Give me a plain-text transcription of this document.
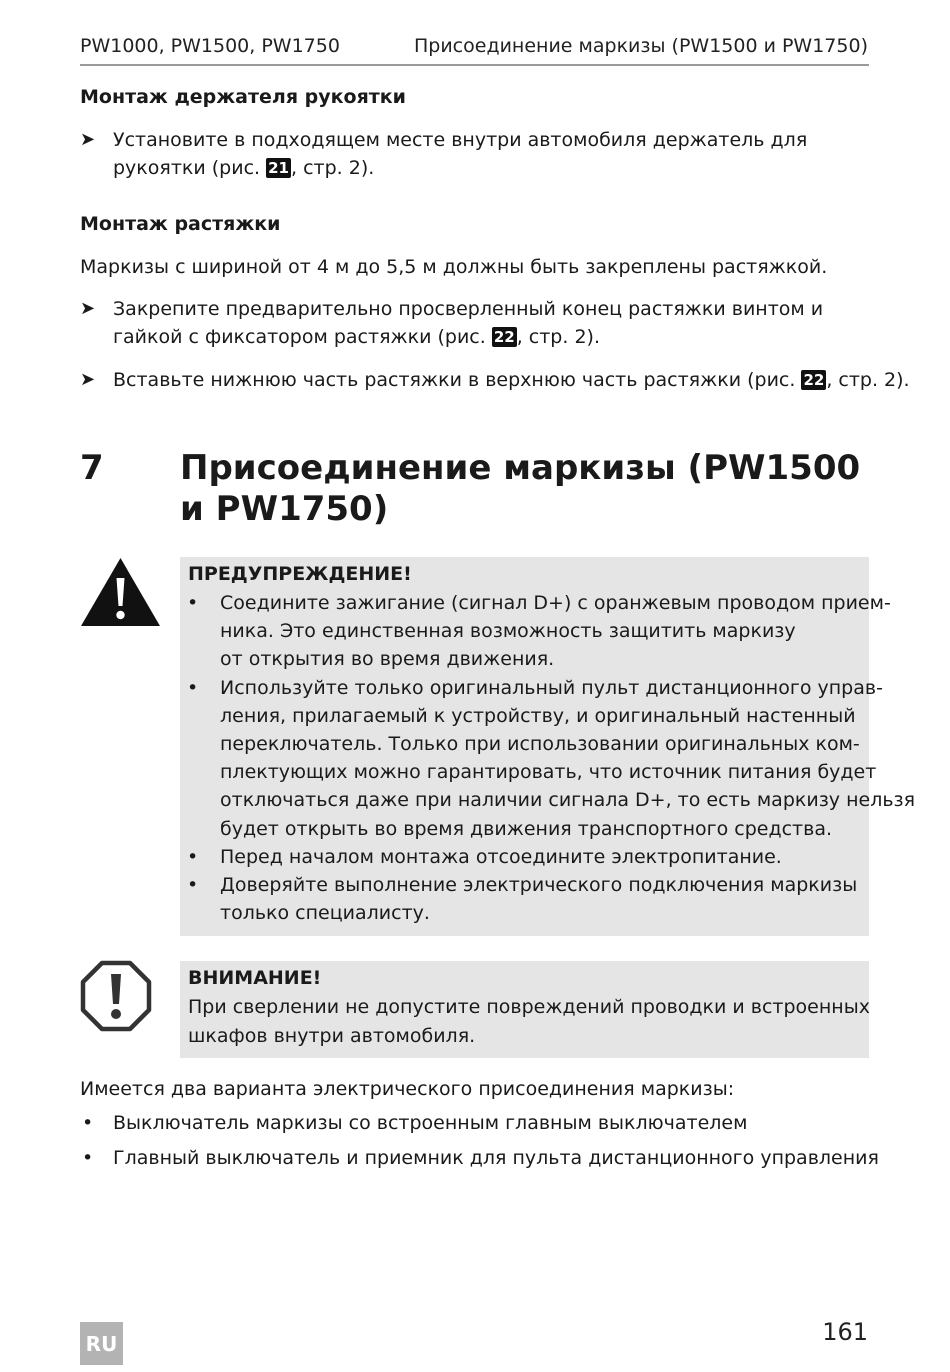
PW1000, PW1500, PW1750	Присоединение маркизы (PW1500 и PW1750)
Монтаж держателя рукоятки
➤ Установите в подходящем месте внутри автомобиля держатель для рукоятки (рис. 21 , стр. 2).
Монтаж растяжки
Маркизы с шириной от 4 м до 5,5 м должны быть закреплены растяжкой.
➤ Закрепите предварительно просверленный конец растяжки винтом и гайкой с фиксатором растяжки (рис. 22 , стр. 2).
➤ Вставьте нижнюю часть растяжки в верхнюю часть растяжки (рис. 22 , стр. 2).
7 Присоединение маркизы (PW1500
и PW1750)
ПРЕДУПРЕЖДЕНИЕ!
• Соедините зажигание (сигнал D+) с оранжевым проводом прием-
ника. Это единственная возможность защитить маркизу
от открытия во время движения.
• Используйте только оригинальный пульт дистанционного управ-
ления, прилагаемый к устройству, и оригинальный настенный
переключатель. Только при использовании оригинальных ком-
плектующих можно гарантировать, что источник питания будет
отключаться даже при наличии сигнала D+, то есть маркизу нельзя
будет открыть во время движения транспортного средства.
• Перед началом монтажа отсоедините электропитание.
• Доверяйте выполнение электрического подключения маркизы
только специалисту.
ВНИМАНИЕ!
При сверлении не допустите повреждений проводки и встроенных
шкафов внутри автомобиля.
Имеется два варианта электрического присоединения маркизы:
• Выключатель маркизы со встроенным главным выключателем
• Главный выключатель и приемник для пульта дистанционного управления
RU	161
